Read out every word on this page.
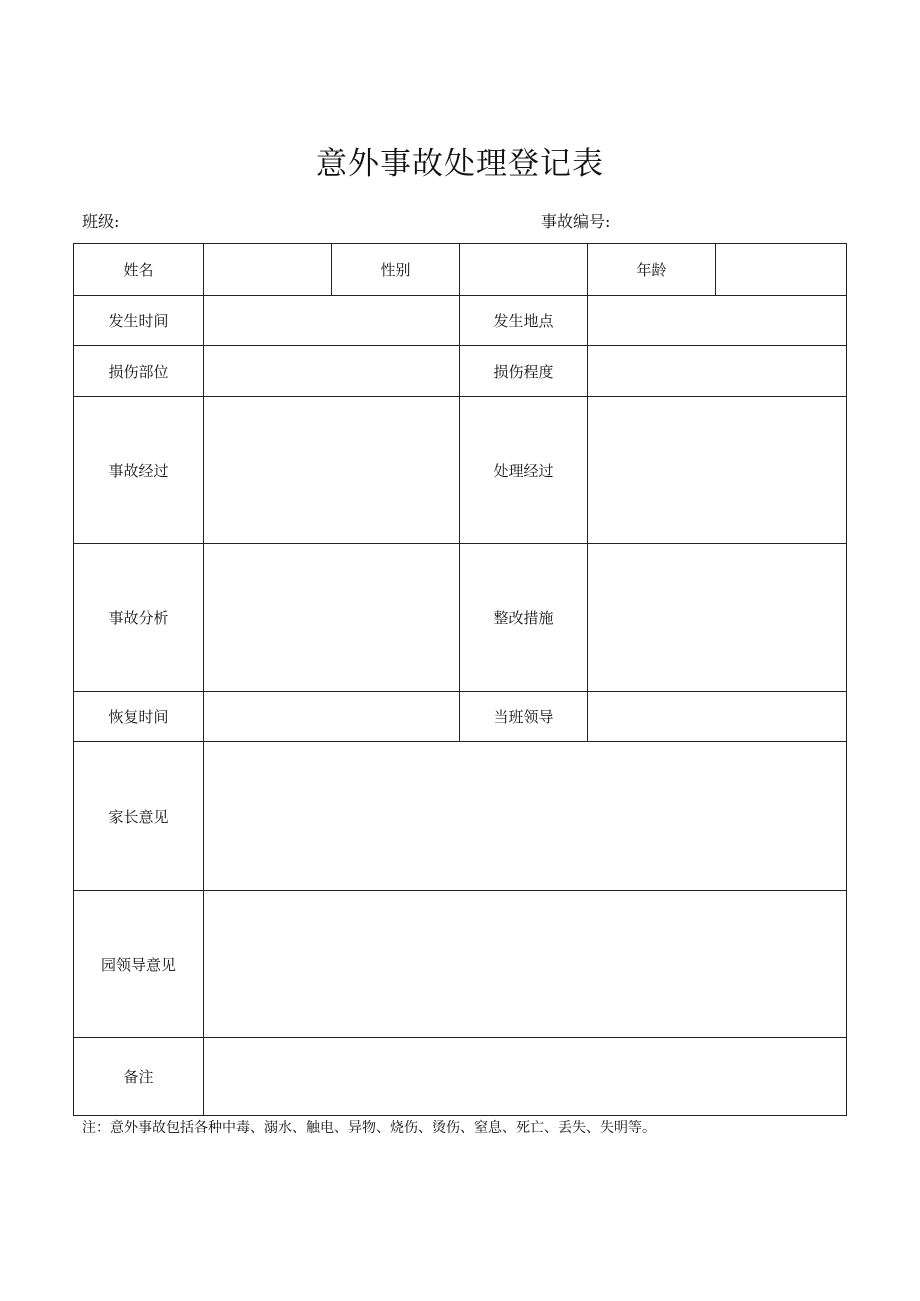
意外事故处理登记表
班级:	事故编号:
姓名		性别		年龄	
发生时间			发生地点		
损伤部位			损伤程度		
事故经过			处理经过		
事故分析			整改措施		
恢复时间			当班领导		
家长意见					
园领导意见					
备注					
注：意外事故包括各种中毒、溺水、触电、异物、烧伤、烫伤、窒息、死亡、丢失、失明等。
